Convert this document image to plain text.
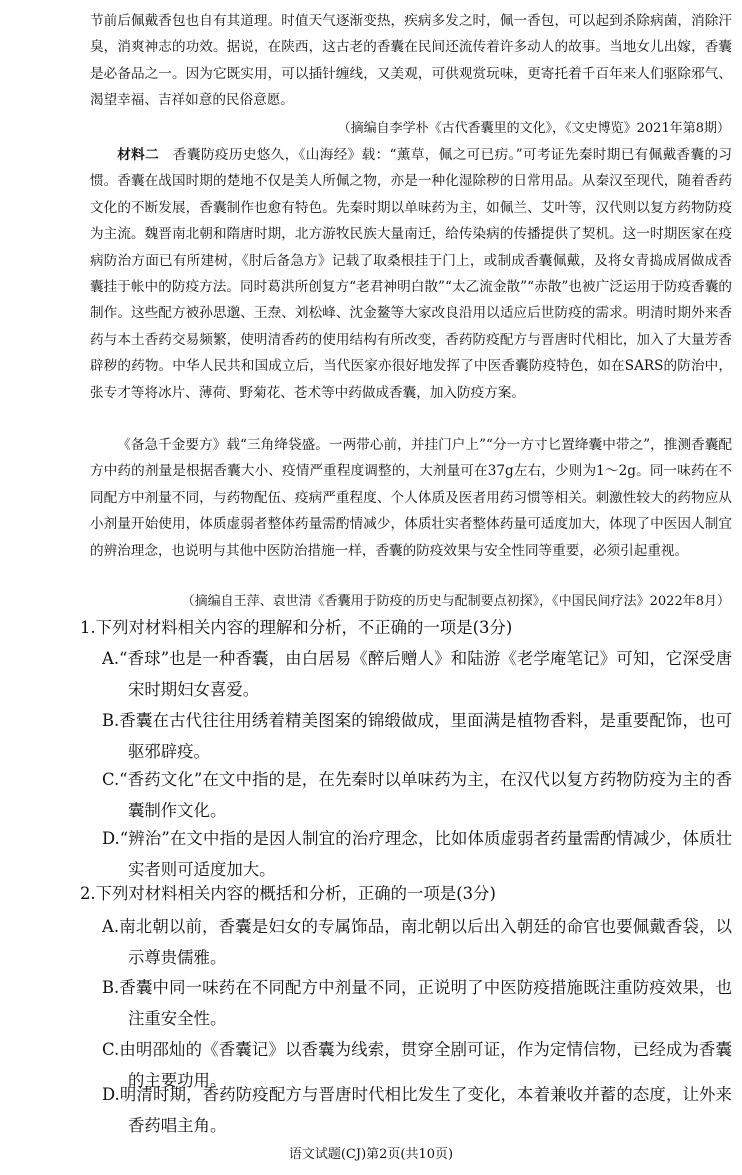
节前后佩戴香包也自有其道理。时值天气逐渐变热，疾病多发之时，佩一香包，可以起到杀除病菌，消除汗臭，消爽神志的功效。据说，在陕西，这古老的香囊在民间还流传着许多动人的故事。当地女儿出嫁，香囊是必备品之一。因为它既实用，可以插针缠线，又美观，可供观赏玩味，更寄托着千百年来人们驱除邪气、渴望幸福、吉祥如意的民俗意愿。
（摘编自李学朴《古代香囊里的文化》，《文史博览》2021年第8期）
材料二　 香囊防疫历史悠久，《山海经》载：“薰草，佩之可已疠。”可考证先秦时期已有佩戴香囊的习惯。香囊在战国时期的楚地不仅是美人所佩之物，亦是一种化湿除秽的日常用品。从秦汉至现代，随着香药文化的不断发展，香囊制作也愈有特色。先秦时期以单味药为主，如佩兰、艾叶等，汉代则以复方药物防疫为主流。魏晋南北朝和隋唐时期，北方游牧民族大量南迁，给传染病的传播提供了契机。这一时期医家在疫病防治方面已有所建树，《肘后备急方》记载了取桑根挂于门上，或制成香囊佩戴，及将女青捣成屑做成香囊挂于帐中的防疫方法。同时葛洪所创复方“老君神明白散”“太乙流金散”“赤散”也被广泛运用于防疫香囊的制作。这些配方被孙思邈、王焘、刘松峰、沈金鳌等大家改良沿用以适应后世防疫的需求。明清时期外来香药与本土香药交易频繁，使明清香药的使用结构有所改变，香药防疫配方与晋唐时代相比，加入了大量芳香辟秽的药物。中华人民共和国成立后，当代医家亦很好地发挥了中医香囊防疫特色，如在SARS的防治中，张专才等将冰片、薄荷、野菊花、苍术等中药做成香囊，加入防疫方案。
《备急千金要方》载“三角绛袋盛。一两带心前，并挂门户上”“分一方寸匕置绛囊中带之”，推测香囊配方中药的剂量是根据香囊大小、疫情严重程度调整的，大剂量可在37g左右，少则为1～2g。同一味药在不同配方中剂量不同，与药物配伍、疫病严重程度、个人体质及医者用药习惯等相关。刺激性较大的药物应从小剂量开始使用，体质虚弱者整体药量需酌情减少，体质壮实者整体药量可适度加大，体现了中医因人制宜的辨治理念，也说明与其他中医防治措施一样，香囊的防疫效果与安全性同等重要，必须引起重视。
（摘编自王萍、袁世清《香囊用于防疫的历史与配制要点初探》，《中国民间疗法》2022年8月）
1.下列对材料相关内容的理解和分析，不正确的一项是(3分)
A.“香球”也是一种香囊，由白居易《醉后赠人》和陆游《老学庵笔记》可知，它深受唐宋时期妇女喜爱。
B.香囊在古代往往用绣着精美图案的锦缎做成，里面满是植物香料，是重要配饰，也可驱邪辟疫。
C.“香药文化”在文中指的是，在先秦时以单味药为主，在汉代以复方药物防疫为主的香囊制作文化。
D.“辨治”在文中指的是因人制宜的治疗理念，比如体质虚弱者药量需酌情减少，体质壮实者则可适度加大。
2.下列对材料相关内容的概括和分析，正确的一项是(3分)
A.南北朝以前，香囊是妇女的专属饰品，南北朝以后出入朝廷的命官也要佩戴香袋，以示尊贵儒雅。
B.香囊中同一味药在不同配方中剂量不同，正说明了中医防疫措施既注重防疫效果，也注重安全性。
C.由明邵灿的《香囊记》以香囊为线索，贯穿全剧可证，作为定情信物，已经成为香囊的主要功用。
D.明清时期，香药防疫配方与晋唐时代相比发生了变化，本着兼收并蓄的态度，让外来香药唱主角。
语文试题(CJ)第2页(共10页)
